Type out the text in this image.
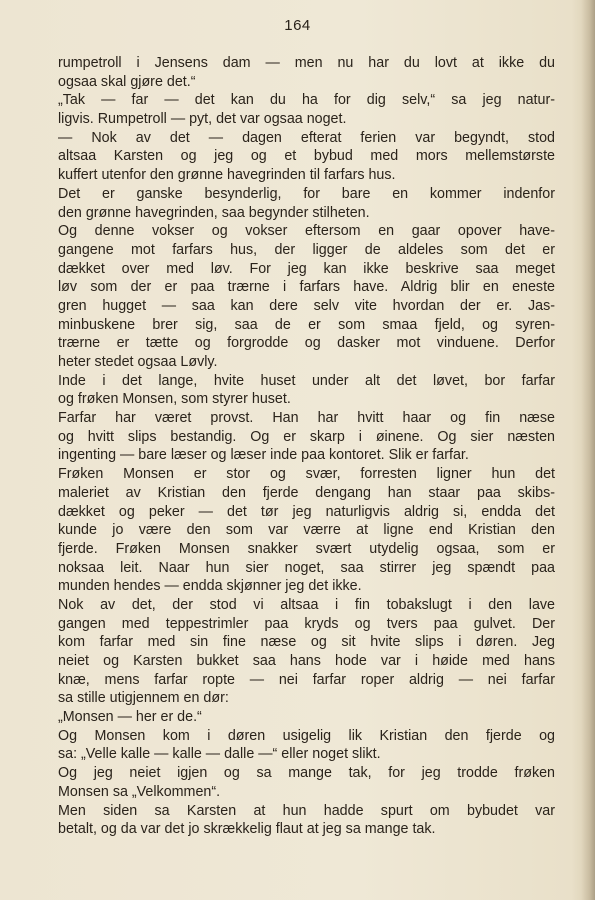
164
rumpetroll i Jensens dam — men nu har du lovt at ikke du
ogsaa skal gjøre det.“
„Tak — far — det kan du ha for dig selv,“ sa jeg natur-
ligvis. Rumpetroll — pyt, det var ogsaa noget.
— Nok av det — dagen efterat ferien var begyndt, stod
altsaa Karsten og jeg og et bybud med mors mellemstørste
kuffert utenfor den grønne havegrinden til farfars hus.
Det er ganske besynderlig, for bare en kommer indenfor
den grønne havegrinden, saa begynder stilheten.
Og denne vokser og vokser eftersom en gaar opover have-
gangene mot farfars hus, der ligger de aldeles som det er
dækket over med løv. For jeg kan ikke beskrive saa meget
løv som der er paa trærne i farfars have. Aldrig blir en eneste
gren hugget — saa kan dere selv vite hvordan der er. Jas-
minbuskene brer sig, saa de er som smaa fjeld, og syren-
trærne er tætte og forgrodde og dasker mot vinduene. Derfor
heter stedet ogsaa Løvly.
Inde i det lange, hvite huset under alt det løvet, bor farfar
og frøken Monsen, som styrer huset.
Farfar har været provst. Han har hvitt haar og fin næse
og hvitt slips bestandig. Og er skarp i øinene. Og sier næsten
ingenting — bare læser og læser inde paa kontoret. Slik er farfar.
Frøken Monsen er stor og svær, forresten ligner hun det
maleriet av Kristian den fjerde dengang han staar paa skibs-
dækket og peker — det tør jeg naturligvis aldrig si, endda det
kunde jo være den som var værre at ligne end Kristian den
fjerde. Frøken Monsen snakker svært utydelig ogsaa, som er
noksaa leit. Naar hun sier noget, saa stirrer jeg spændt paa
munden hendes — endda skjønner jeg det ikke.
Nok av det, der stod vi altsaa i fin tobakslugt i den lave
gangen med teppestrimler paa kryds og tvers paa gulvet. Der
kom farfar med sin fine næse og sit hvite slips i døren. Jeg
neiet og Karsten bukket saa hans hode var i høide med hans
knæ, mens farfar ropte — nei farfar roper aldrig — nei farfar
sa stille utigjennem en dør:
„Monsen — her er de.“
Og Monsen kom i døren usigelig lik Kristian den fjerde og
sa: „Velle kalle — kalle — dalle —“ eller noget slikt.
Og jeg neiet igjen og sa mange tak, for jeg trodde frøken
Monsen sa „Velkommen“.
Men siden sa Karsten at hun hadde spurt om bybudet var
betalt, og da var det jo skrækkelig flaut at jeg sa mange tak.
